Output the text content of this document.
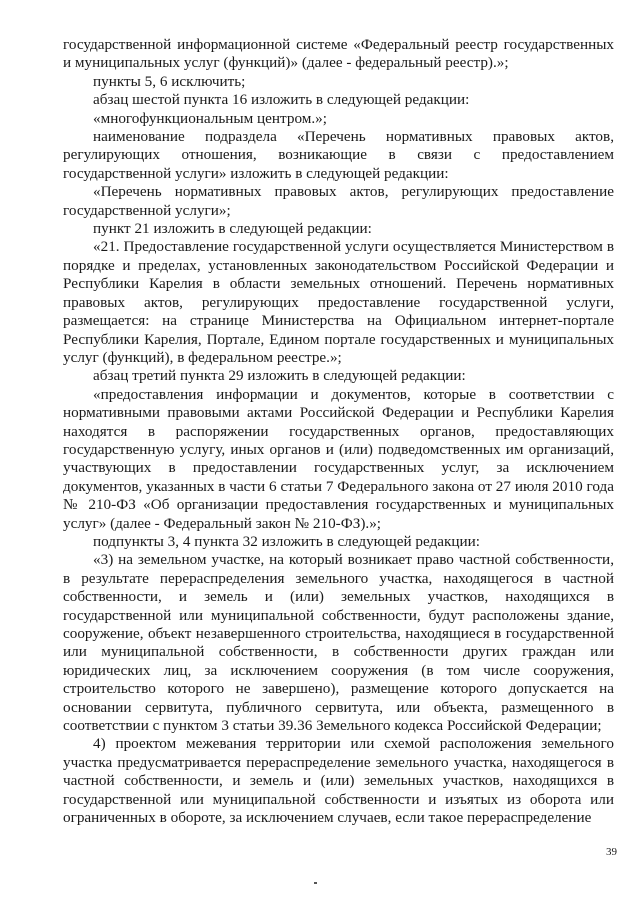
государственной информационной системе «Федеральный реестр государственных и муниципальных услуг (функций)» (далее - федеральный реестр).»;

пункты 5, 6 исключить;

абзац шестой пункта 16 изложить в следующей редакции:

«многофункциональным центром.»;

наименование подраздела «Перечень нормативных правовых актов, регулирующих отношения, возникающие в связи с предоставлением государственной услуги» изложить в следующей редакции:

«Перечень нормативных правовых актов, регулирующих предоставление государственной услуги»;

пункт 21 изложить в следующей редакции:

«21. Предоставление государственной услуги осуществляется Министерством в порядке и пределах, установленных законодательством Российской Федерации и Республики Карелия в области земельных отношений. Перечень нормативных правовых актов, регулирующих предоставление государственной услуги, размещается: на странице Министерства на Официальном интернет-портале Республики Карелия, Портале, Едином портале государственных и муниципальных услуг (функций), в федеральном реестре.»;

абзац третий пункта 29 изложить в следующей редакции:

«предоставления информации и документов, которые в соответствии с нормативными правовыми актами Российской Федерации и Республики Карелия находятся в распоряжении государственных органов, предоставляющих государственную услугу, иных органов и (или) подведомственных им организаций, участвующих в предоставлении государственных услуг, за исключением документов, указанных в части 6 статьи 7 Федерального закона от 27 июля 2010 года № 210-ФЗ «Об организации предоставления государственных и муниципальных услуг» (далее - Федеральный закон № 210-ФЗ).»;

подпункты 3, 4 пункта 32 изложить в следующей редакции:

«3) на земельном участке, на который возникает право частной собственности, в результате перераспределения земельного участка, находящегося в частной собственности, и земель и (или) земельных участков, находящихся в государственной или муниципальной собственности, будут расположены здание, сооружение, объект незавершенного строительства, находящиеся в государственной или муниципальной собственности, в собственности других граждан или юридических лиц, за исключением сооружения (в том числе сооружения, строительство которого не завершено), размещение которого допускается на основании сервитута, публичного сервитута, или объекта, размещенного в соответствии с пунктом 3 статьи 39.36 Земельного кодекса Российской Федерации;

4) проектом межевания территории или схемой расположения земельного участка предусматривается перераспределение земельного участка, находящегося в частной собственности, и земель и (или) земельных участков, находящихся в государственной или муниципальной собственности и изъятых из оборота или ограниченных в обороте, за исключением случаев, если такое перераспределение

39
